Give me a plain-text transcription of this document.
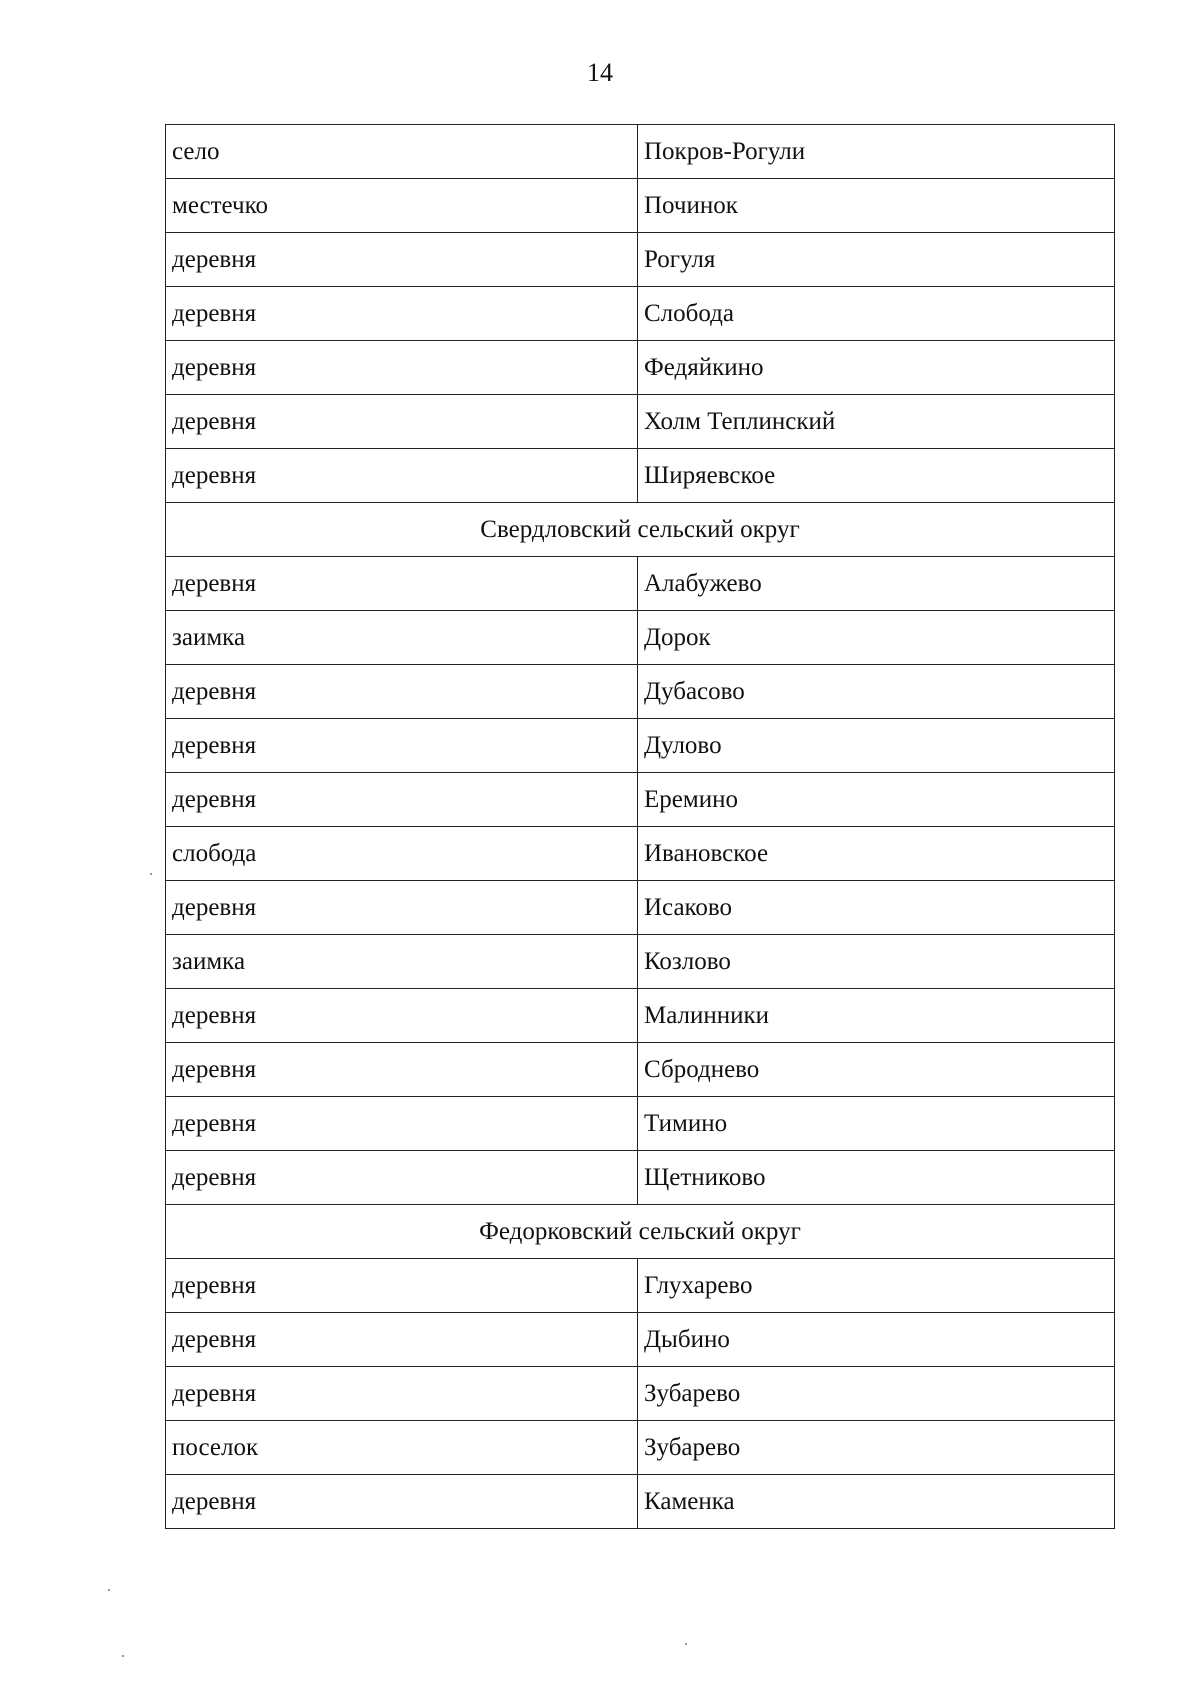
14
село	Покров-Рогули
местечко	Починок
деревня	Рогуля
деревня	Слобода
деревня	Федяйкино
деревня	Холм Теплинский
деревня	Ширяевское
Свердловский сельский округ	
деревня	Алабужево
заимка	Дорок
деревня	Дубасово
деревня	Дулово
деревня	Еремино
слобода	Ивановское
деревня	Исаково
заимка	Козлово
деревня	Малинники
деревня	Сброднево
деревня	Тимино
деревня	Щетниково
Федорковский сельский округ	
деревня	Глухарево
деревня	Дыбино
деревня	Зубарево
поселок	Зубарево
деревня	Каменка
